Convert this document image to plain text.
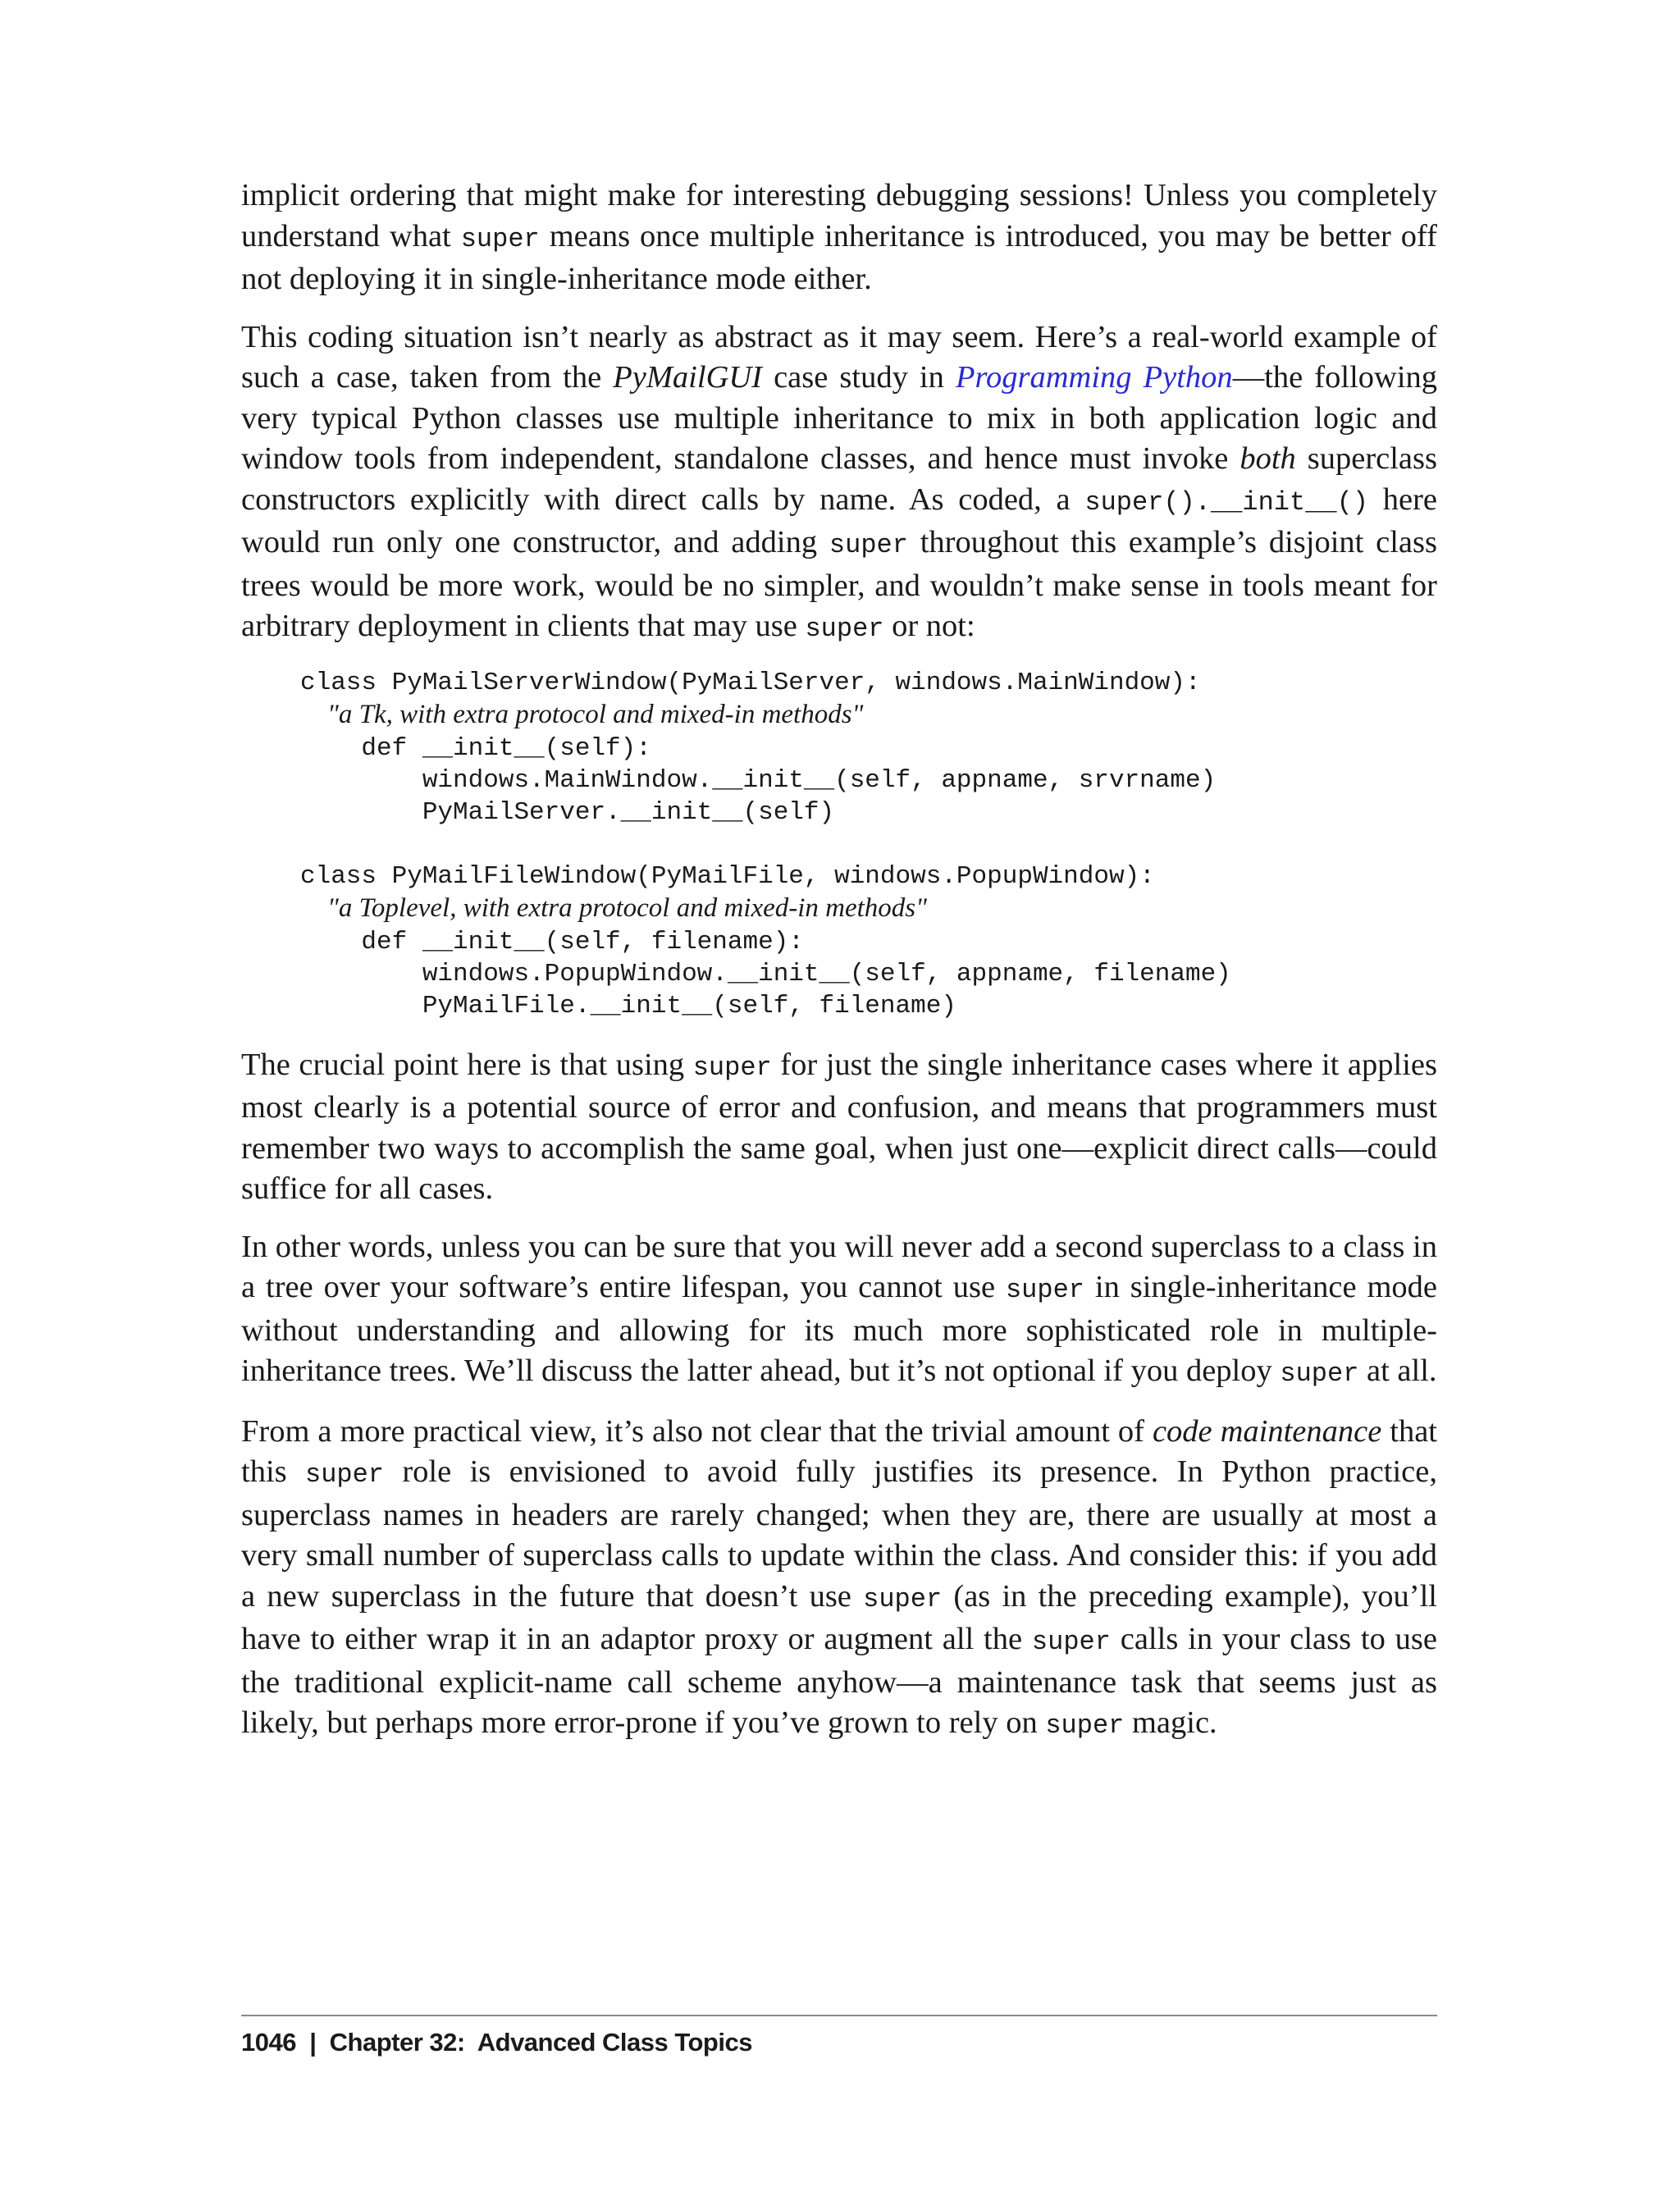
implicit ordering that might make for interesting debugging sessions! Unless you completely understand what super means once multiple inheritance is introduced, you may be better off not deploying it in single-inheritance mode either.

This coding situation isn’t nearly as abstract as it may seem. Here’s a real-world example of such a case, taken from the PyMailGUI case study in Programming Python—the following very typical Python classes use multiple inheritance to mix in both application logic and window tools from independent, standalone classes, and hence must invoke both superclass constructors explicitly with direct calls by name. As coded, a super().__init__() here would run only one constructor, and adding super throughout this example’s disjoint class trees would be more work, would be no simpler, and wouldn’t make sense in tools meant for arbitrary deployment in clients that may use super or not:

class PyMailServerWindow(PyMailServer, windows.MainWindow):
"a Tk, with extra protocol and mixed-in methods"
def __init__(self):
windows.MainWindow.__init__(self, appname, srvrname)
PyMailServer.__init__(self)

class PyMailFileWindow(PyMailFile, windows.PopupWindow):
"a Toplevel, with extra protocol and mixed-in methods"
def __init__(self, filename):
windows.PopupWindow.__init__(self, appname, filename)
PyMailFile.__init__(self, filename)

The crucial point here is that using super for just the single inheritance cases where it applies most clearly is a potential source of error and confusion, and means that programmers must remember two ways to accomplish the same goal, when just one—explicit direct calls—could suffice for all cases.

In other words, unless you can be sure that you will never add a second superclass to a class in a tree over your software’s entire lifespan, you cannot use super in single-inheritance mode without understanding and allowing for its much more sophisticated role in multiple-inheritance trees. We’ll discuss the latter ahead, but it’s not optional if you deploy super at all.

From a more practical view, it’s also not clear that the trivial amount of code maintenance that this super role is envisioned to avoid fully justifies its presence. In Python practice, superclass names in headers are rarely changed; when they are, there are usually at most a very small number of superclass calls to update within the class. And consider this: if you add a new superclass in the future that doesn’t use super (as in the preceding example), you’ll have to either wrap it in an adaptor proxy or augment all the super calls in your class to use the traditional explicit-name call scheme anyhow—a maintenance task that seems just as likely, but perhaps more error-prone if you’ve grown to rely on super magic.

1046 | Chapter 32:  Advanced Class Topics
